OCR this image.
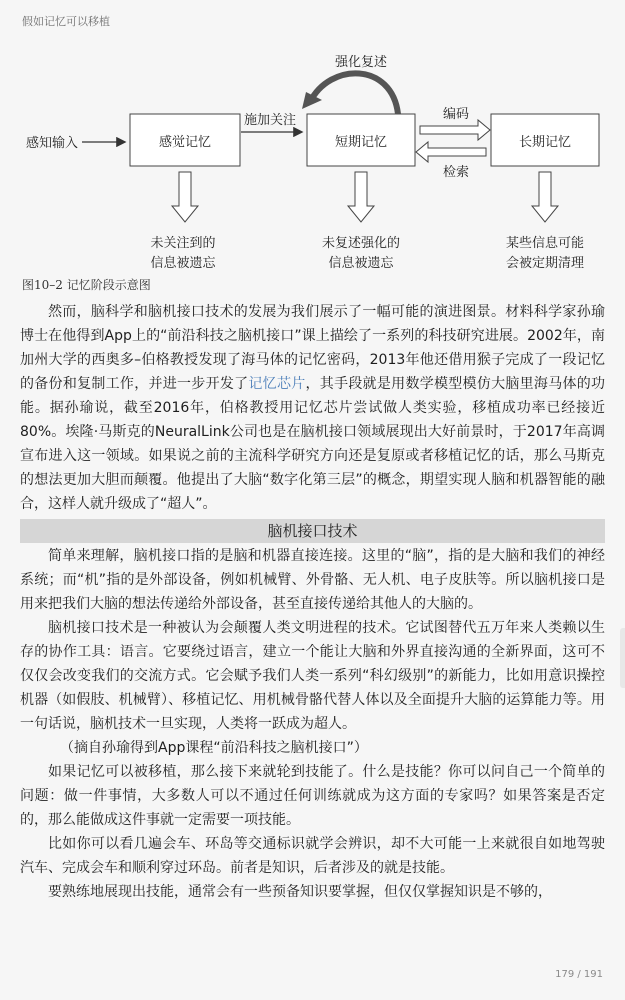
假如记忆可以移植
感知输入	感觉记忆	短期记忆	长期记忆
施加关注
强化复述
编码
检索
未关注到的
信息被遗忘
未复述强化的
信息被遗忘
某些信息可能
会被定期清理
图10–2 记忆阶段示意图

然而，脑科学和脑机接口技术的发展为我们展示了一幅可能的演进图景。材料科学家孙瑜博士在他得到App上的“前沿科技之脑机接口”课上描绘了一系列的科技研究进展。2002年，南加州大学的西奥多–伯格教授发现了海马体的记忆密码，2013年他还借用猴子完成了一段记忆的备份和复制工作，并进一步开发了记忆芯片，其手段就是用数学模型模仿大脑里海马体的功能。据孙瑜说，截至2016年，伯格教授用记忆芯片尝试做人类实验，移植成功率已经接近80%。埃隆·马斯克的NeuralLink公司也是在脑机接口领域展现出大好前景时，于2017年高调宣布进入这一领域。如果说之前的主流科学研究方向还是复原或者移植记忆的话，那么马斯克的想法更加大胆而颠覆。他提出了大脑“数字化第三层”的概念，期望实现人脑和机器智能的融合，这样人就升级成了“超人”。

脑机接口技术

简单来理解，脑机接口指的是脑和机器直接连接。这里的“脑”，指的是大脑和我们的神经系统；而“机”指的是外部设备，例如机械臂、外骨骼、无人机、电子皮肤等。所以脑机接口是用来把我们大脑的想法传递给外部设备，甚至直接传递给其他人的大脑的。

脑机接口技术是一种被认为会颠覆人类文明进程的技术。它试图替代五万年来人类赖以生存的协作工具：语言。它要绕过语言，建立一个能让大脑和外界直接沟通的全新界面，这可不仅仅会改变我们的交流方式。它会赋予我们人类一系列“科幻级别”的新能力，比如用意识操控机器（如假肢、机械臂）、移植记忆、用机械骨骼代替人体以及全面提升大脑的运算能力等。用一句话说，脑机技术一旦实现，人类将一跃成为超人。

（摘自孙瑜得到App课程“前沿科技之脑机接口”）

如果记忆可以被移植，那么接下来就轮到技能了。什么是技能？你可以问自己一个简单的问题：做一件事情，大多数人可以不通过任何训练就成为这方面的专家吗？如果答案是否定的，那么能做成这件事就一定需要一项技能。

比如你可以看几遍会车、环岛等交通标识就学会辨识，却不大可能一上来就很自如地驾驶汽车、完成会车和顺利穿过环岛。前者是知识，后者涉及的就是技能。

要熟练地展现出技能，通常会有一些预备知识要掌握，但仅仅掌握知识是不够的，

179 / 191
